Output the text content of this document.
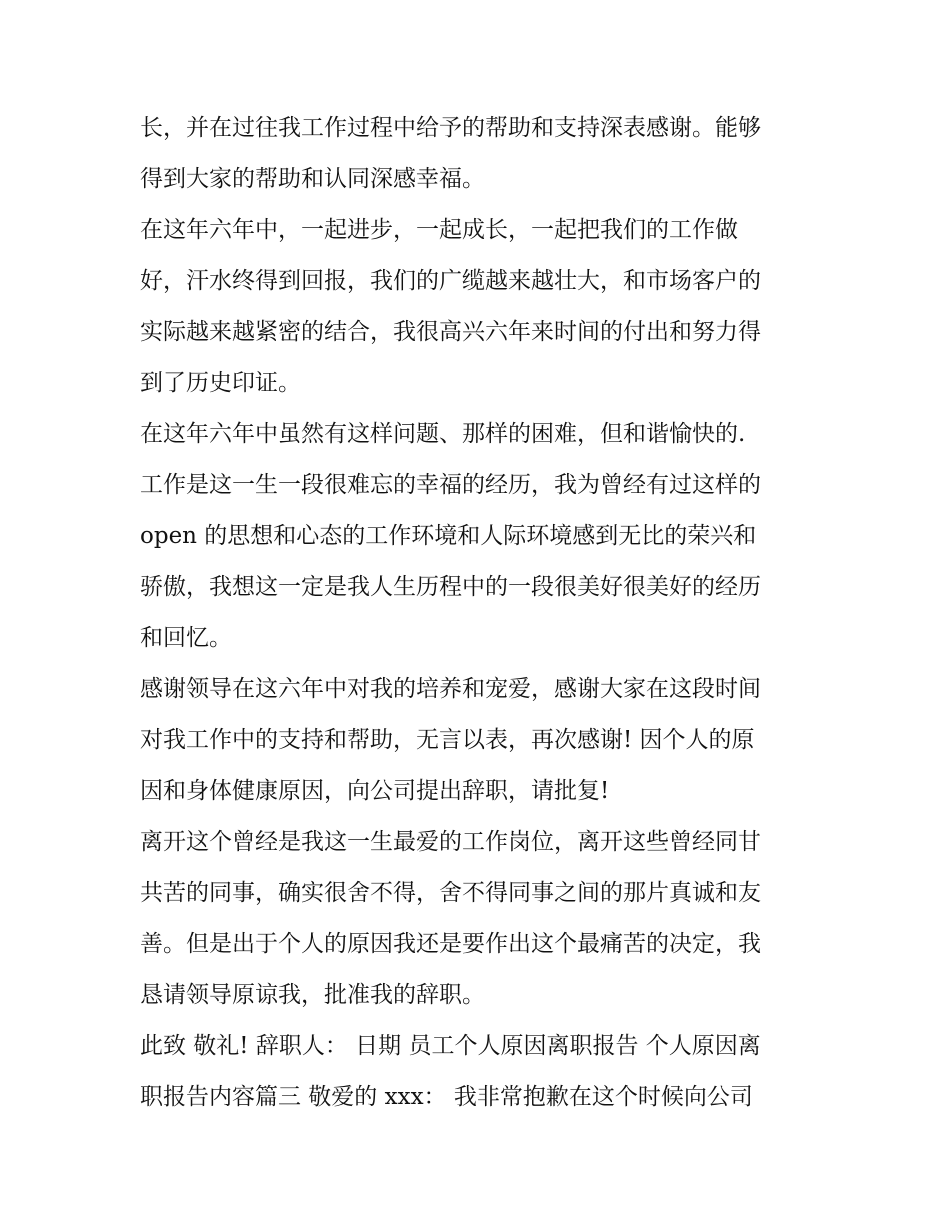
长，并在过往我工作过程中给予的帮助和支持深表感谢。能够
得到大家的帮助和认同深感幸福。
在这年六年中，一起进步，一起成长，一起把我们的工作做
好，汗水终得到回报，我们的广缆越来越壮大，和市场客户的
实际越来越紧密的结合，我很高兴六年来时间的付出和努力得
到了历史印证。
在这年六年中虽然有这样问题、那样的困难，但和谐愉快的.
工作是这一生一段很难忘的幸福的经历，我为曾经有过这样的
open 的思想和心态的工作环境和人际环境感到无比的荣兴和
骄傲，我想这一定是我人生历程中的一段很美好很美好的经历
和回忆。
感谢领导在这六年中对我的培养和宠爱，感谢大家在这段时间
对我工作中的支持和帮助，无言以表，再次感谢! 因个人的原
因和身体健康原因，向公司提出辞职，请批复!
离开这个曾经是我这一生最爱的工作岗位，离开这些曾经同甘
共苦的同事，确实很舍不得，舍不得同事之间的那片真诚和友
善。但是出于个人的原因我还是要作出这个最痛苦的决定，我
恳请领导原谅我，批准我的辞职。
此致 敬礼! 辞职人： 日期 员工个人原因离职报告 个人原因离
职报告内容篇三 敬爱的 xxx： 我非常抱歉在这个时候向公司
